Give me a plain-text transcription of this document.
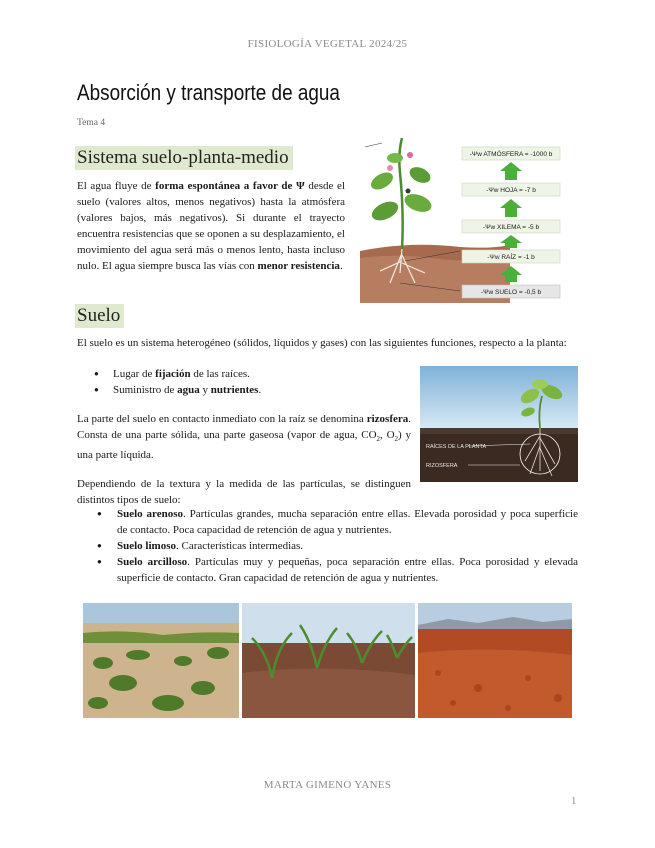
FISIOLOGÍA VEGETAL 2024/25
Absorción y transporte de agua
Tema 4
Sistema suelo-planta-medio
El agua fluye de forma espontánea a favor de Ψ desde el suelo (valores altos, menos negativos) hasta la atmósfera (valores bajos, más negativos). Si durante el trayecto encuentra resistencias que se oponen a su desplazamiento, el movimiento del agua será más o menos lento, hasta incluso nulo. El agua siempre busca las vías con menor resistencia.
-Ψw ATMÓSFERA = -1000 b
-Ψw HOJA = -7 b
-Ψw XILEMA = -5 b
-Ψw RAÍZ = -1 b
-Ψw SUELO = -0,5 b
Suelo
El suelo es un sistema heterogéneo (sólidos, líquidos y gases) con las siguientes funciones, respecto a la planta:
● Lugar de fijación de las raíces.
● Suministro de agua y nutrientes.
La parte del suelo en contacto inmediato con la raíz se denomina rizosfera. Consta de una parte sólida, una parte gaseosa (vapor de agua, $CO_2$, $O_2$) y una parte líquida.
RAÍCES DE LA PLANTA
RIZOSFERA
Dependiendo de la textura y la medida de las partículas, se distinguen distintos tipos de suelo:
● Suelo arenoso. Partículas grandes, mucha separación entre ellas. Elevada porosidad y poca superficie de contacto. Poca capacidad de retención de agua y nutrientes.
● Suelo limoso. Características intermedias.
● Suelo arcilloso. Partículas muy y pequeñas, poca separación entre ellas. Poca porosidad y elevada superficie de contacto. Gran capacidad de retención de agua y nutrientes.
MARTA GIMENO YANES
1
